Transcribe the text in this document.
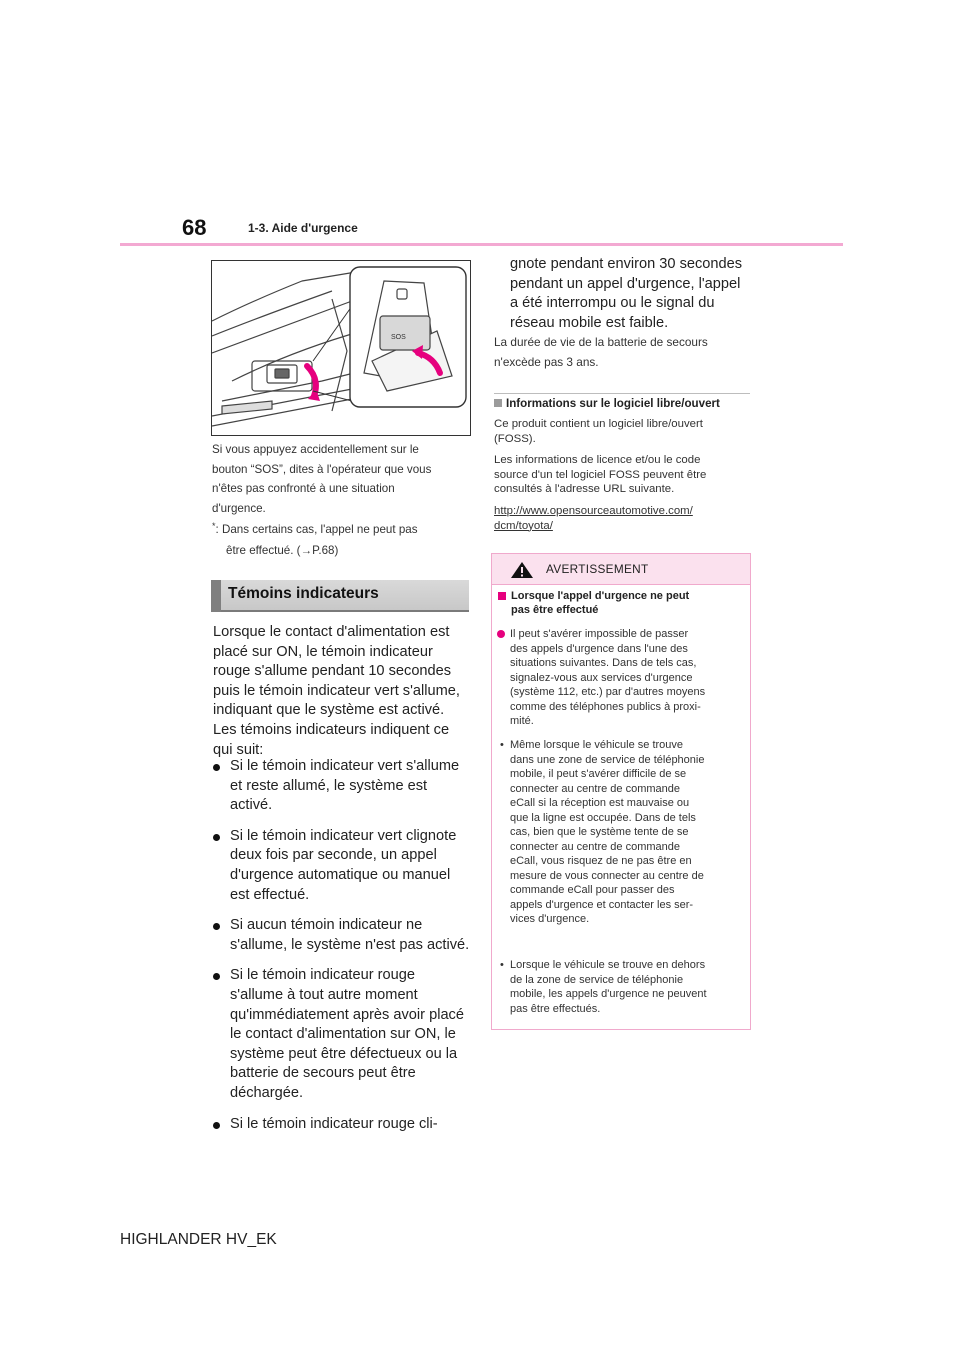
68	1-3. Aide d'urgence
SOS
Si vous appuyez accidentellement sur le
bouton “SOS”, dites à l'opérateur que vous
n'êtes pas confronté à une situation
d'urgence.
*: Dans certains cas, l'appel ne peut pas
être effectué. (→P.68)
Témoins indicateurs
Lorsque le contact d'alimentation est
placé sur ON, le témoin indicateur
rouge s'allume pendant 10 secondes
puis le témoin indicateur vert s'allume,
indiquant que le système est activé.
Les témoins indicateurs indiquent ce
qui suit:
Si le témoin indicateur vert s'allume
et reste allumé, le système est
activé.
Si le témoin indicateur vert clignote
deux fois par seconde, un appel
d'urgence automatique ou manuel
est effectué.
Si aucun témoin indicateur ne
s'allume, le système n'est pas activé.
Si le témoin indicateur rouge
s'allume à tout autre moment
qu'immédiatement après avoir placé
le contact d'alimentation sur ON, le
système peut être défectueux ou la
batterie de secours peut être
déchargée.
Si le témoin indicateur rouge cli-
gnote pendant environ 30 secondes
pendant un appel d'urgence, l'appel
a été interrompu ou le signal du
réseau mobile est faible.
La durée de vie de la batterie de secours
n'excède pas 3 ans.
Informations sur le logiciel libre/ouvert
Ce produit contient un logiciel libre/ouvert
(FOSS).
Les informations de licence et/ou le code
source d'un tel logiciel FOSS peuvent être
consultés à l'adresse URL suivante.
http://www.opensourceautomotive.com/
dcm/toyota/
AVERTISSEMENT
Lorsque l'appel d'urgence ne peut
pas être effectué
Il peut s'avérer impossible de passer
des appels d'urgence dans l'une des
situations suivantes. Dans de tels cas,
signalez-vous aux services d'urgence
(système 112, etc.) par d'autres moyens
comme des téléphones publics à proxi-
mité.
• Même lorsque le véhicule se trouve
dans une zone de service de téléphonie
mobile, il peut s'avérer difficile de se
connecter au centre de commande
eCall si la réception est mauvaise ou
que la ligne est occupée. Dans de tels
cas, bien que le système tente de se
connecter au centre de commande
eCall, vous risquez de ne pas être en
mesure de vous connecter au centre de
commande eCall pour passer des
appels d'urgence et contacter les ser-
vices d'urgence.
• Lorsque le véhicule se trouve en dehors
de la zone de service de téléphonie
mobile, les appels d'urgence ne peuvent
pas être effectués.
HIGHLANDER HV_EK
